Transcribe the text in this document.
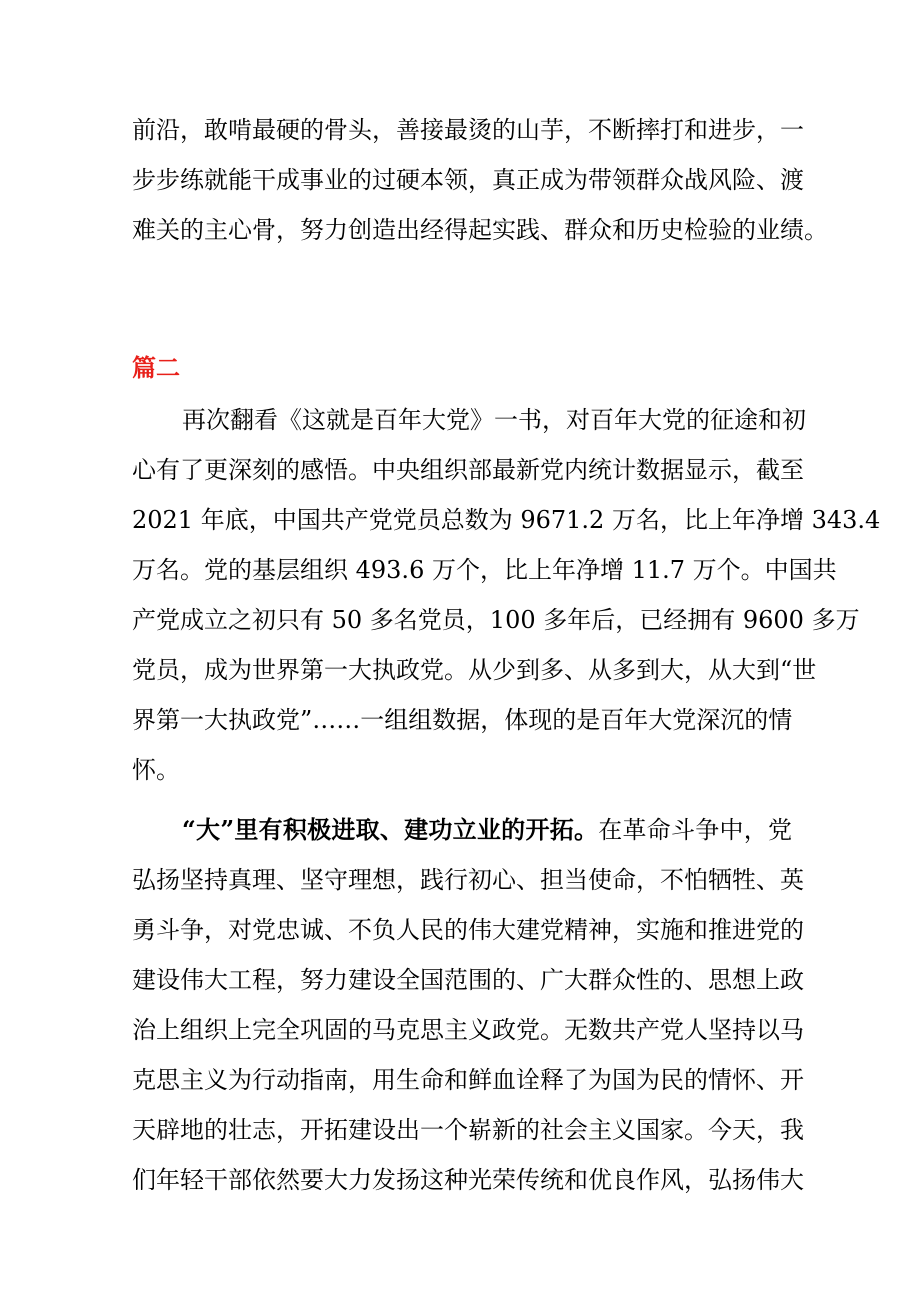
前沿，敢啃最硬的骨头，善接最烫的山芋，不断摔打和进步，一
步步练就能干成事业的过硬本领，真正成为带领群众战风险、渡
难关的主心骨，努力创造出经得起实践、群众和历史检验的业绩。
篇二
再次翻看《这就是百年大党》一书，对百年大党的征途和初
心有了更深刻的感悟。中央组织部最新党内统计数据显示，截至
2021 年底，中国共产党党员总数为 9671.2 万名，比上年净增 343.4
万名。党的基层组织 493.6 万个，比上年净增 11.7 万个。中国共
产党成立之初只有 50 多名党员，100 多年后，已经拥有 9600 多万
党员，成为世界第一大执政党。从少到多、从多到大，从大到“世
界第一大执政党”……一组组数据，体现的是百年大党深沉的情
怀。
“大”里有积极进取、建功立业的开拓。在革命斗争中，党
弘扬坚持真理、坚守理想，践行初心、担当使命，不怕牺牲、英
勇斗争，对党忠诚、不负人民的伟大建党精神，实施和推进党的
建设伟大工程，努力建设全国范围的、广大群众性的、思想上政
治上组织上完全巩固的马克思主义政党。无数共产党人坚持以马
克思主义为行动指南，用生命和鲜血诠释了为国为民的情怀、开
天辟地的壮志，开拓建设出一个崭新的社会主义国家。今天，我
们年轻干部依然要大力发扬这种光荣传统和优良作风，弘扬伟大
